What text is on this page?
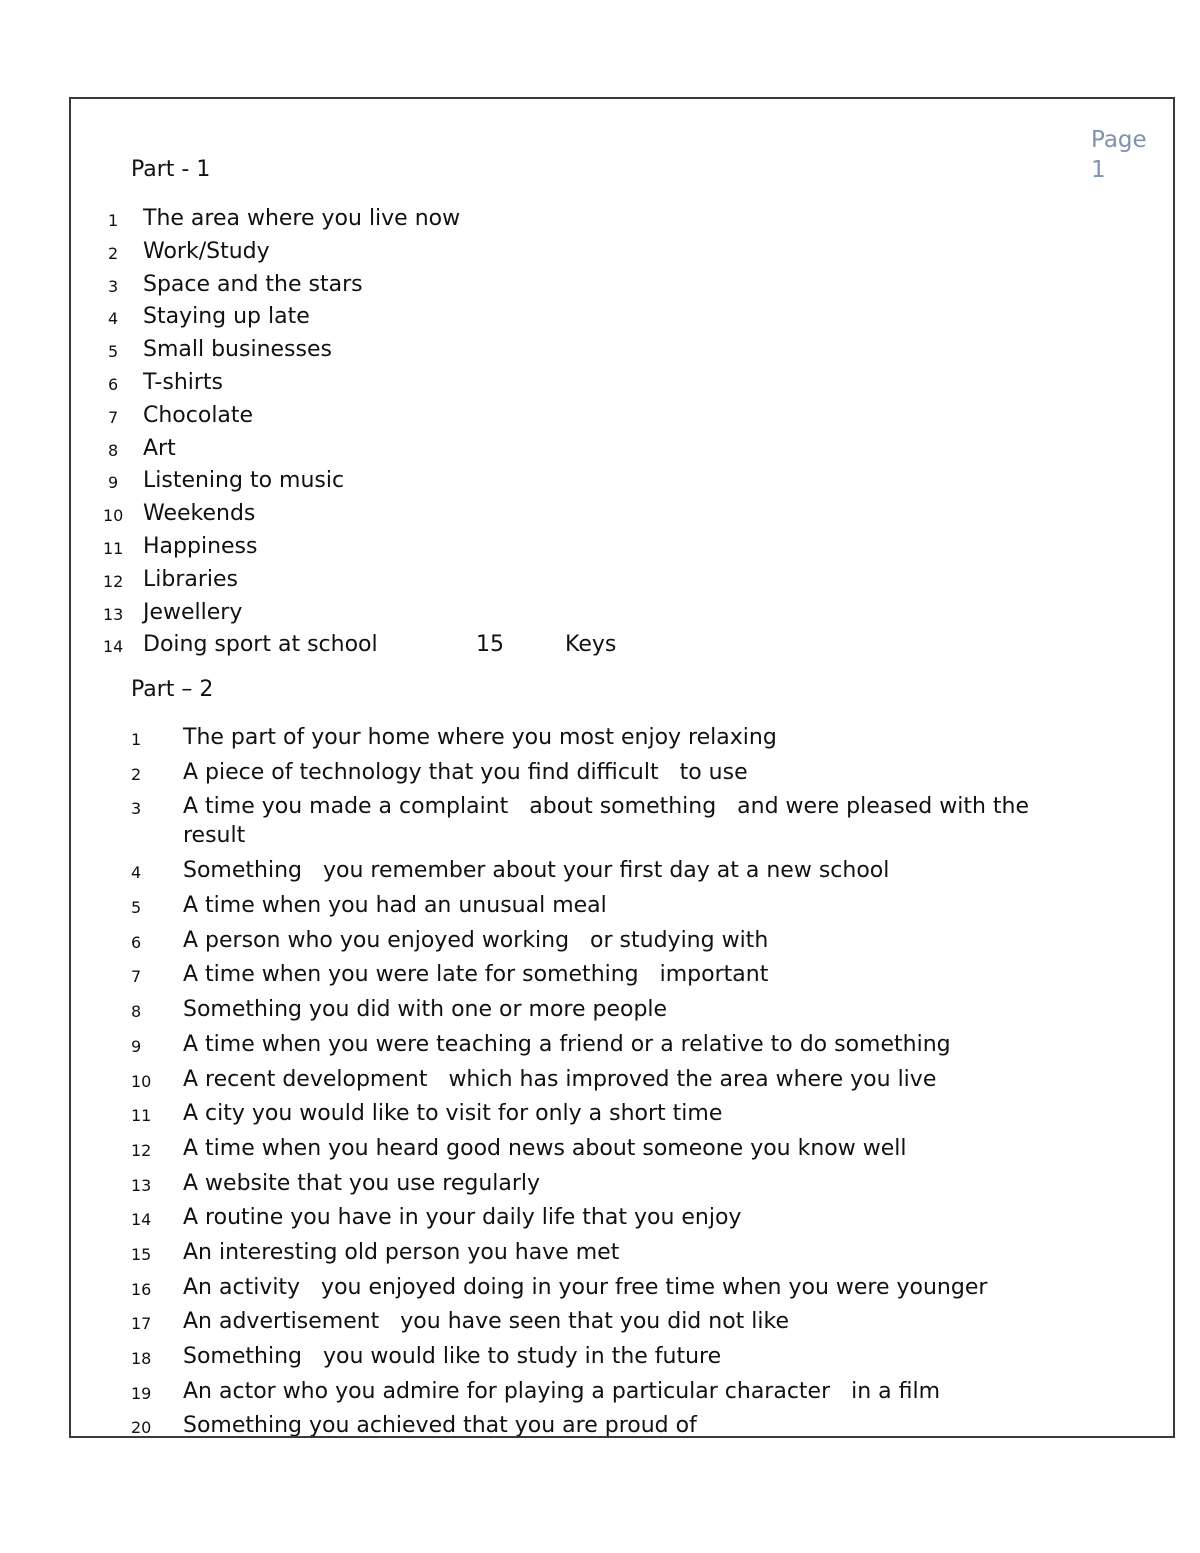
Page
1
Part - 1
1 The area where you live now
2 Work/Study
3 Space and the stars
4 Staying up late
5 Small businesses
6 T-shirts
7 Chocolate
8 Art
9 Listening to music
10 Weekends
11 Happiness
12 Libraries
13 Jewellery
14 Doing sport at school	15	Keys
Part – 2
1	The part of your home where you most enjoy relaxing
2	A piece of technology that you find difficult   to use
3	A time you made a complaint   about something   and were pleased with the result
4	Something   you remember about your first day at a new school
5	A time when you had an unusual meal
6	A person who you enjoyed working   or studying with
7	A time when you were late for something   important
8	Something you did with one or more people
9	A time when you were teaching a friend or a relative to do something
10 A recent development   which has improved the area where you live
11 A city you would like to visit for only a short time
12 A time when you heard good news about someone you know well
13 A website that you use regularly
14 A routine you have in your daily life that you enjoy
15 An interesting old person you have met
16 An activity   you enjoyed doing in your free time when you were younger
17 An advertisement   you have seen that you did not like
18 Something   you would like to study in the future
19 An actor who you admire for playing a particular character   in a film
20 Something you achieved that you are proud of
